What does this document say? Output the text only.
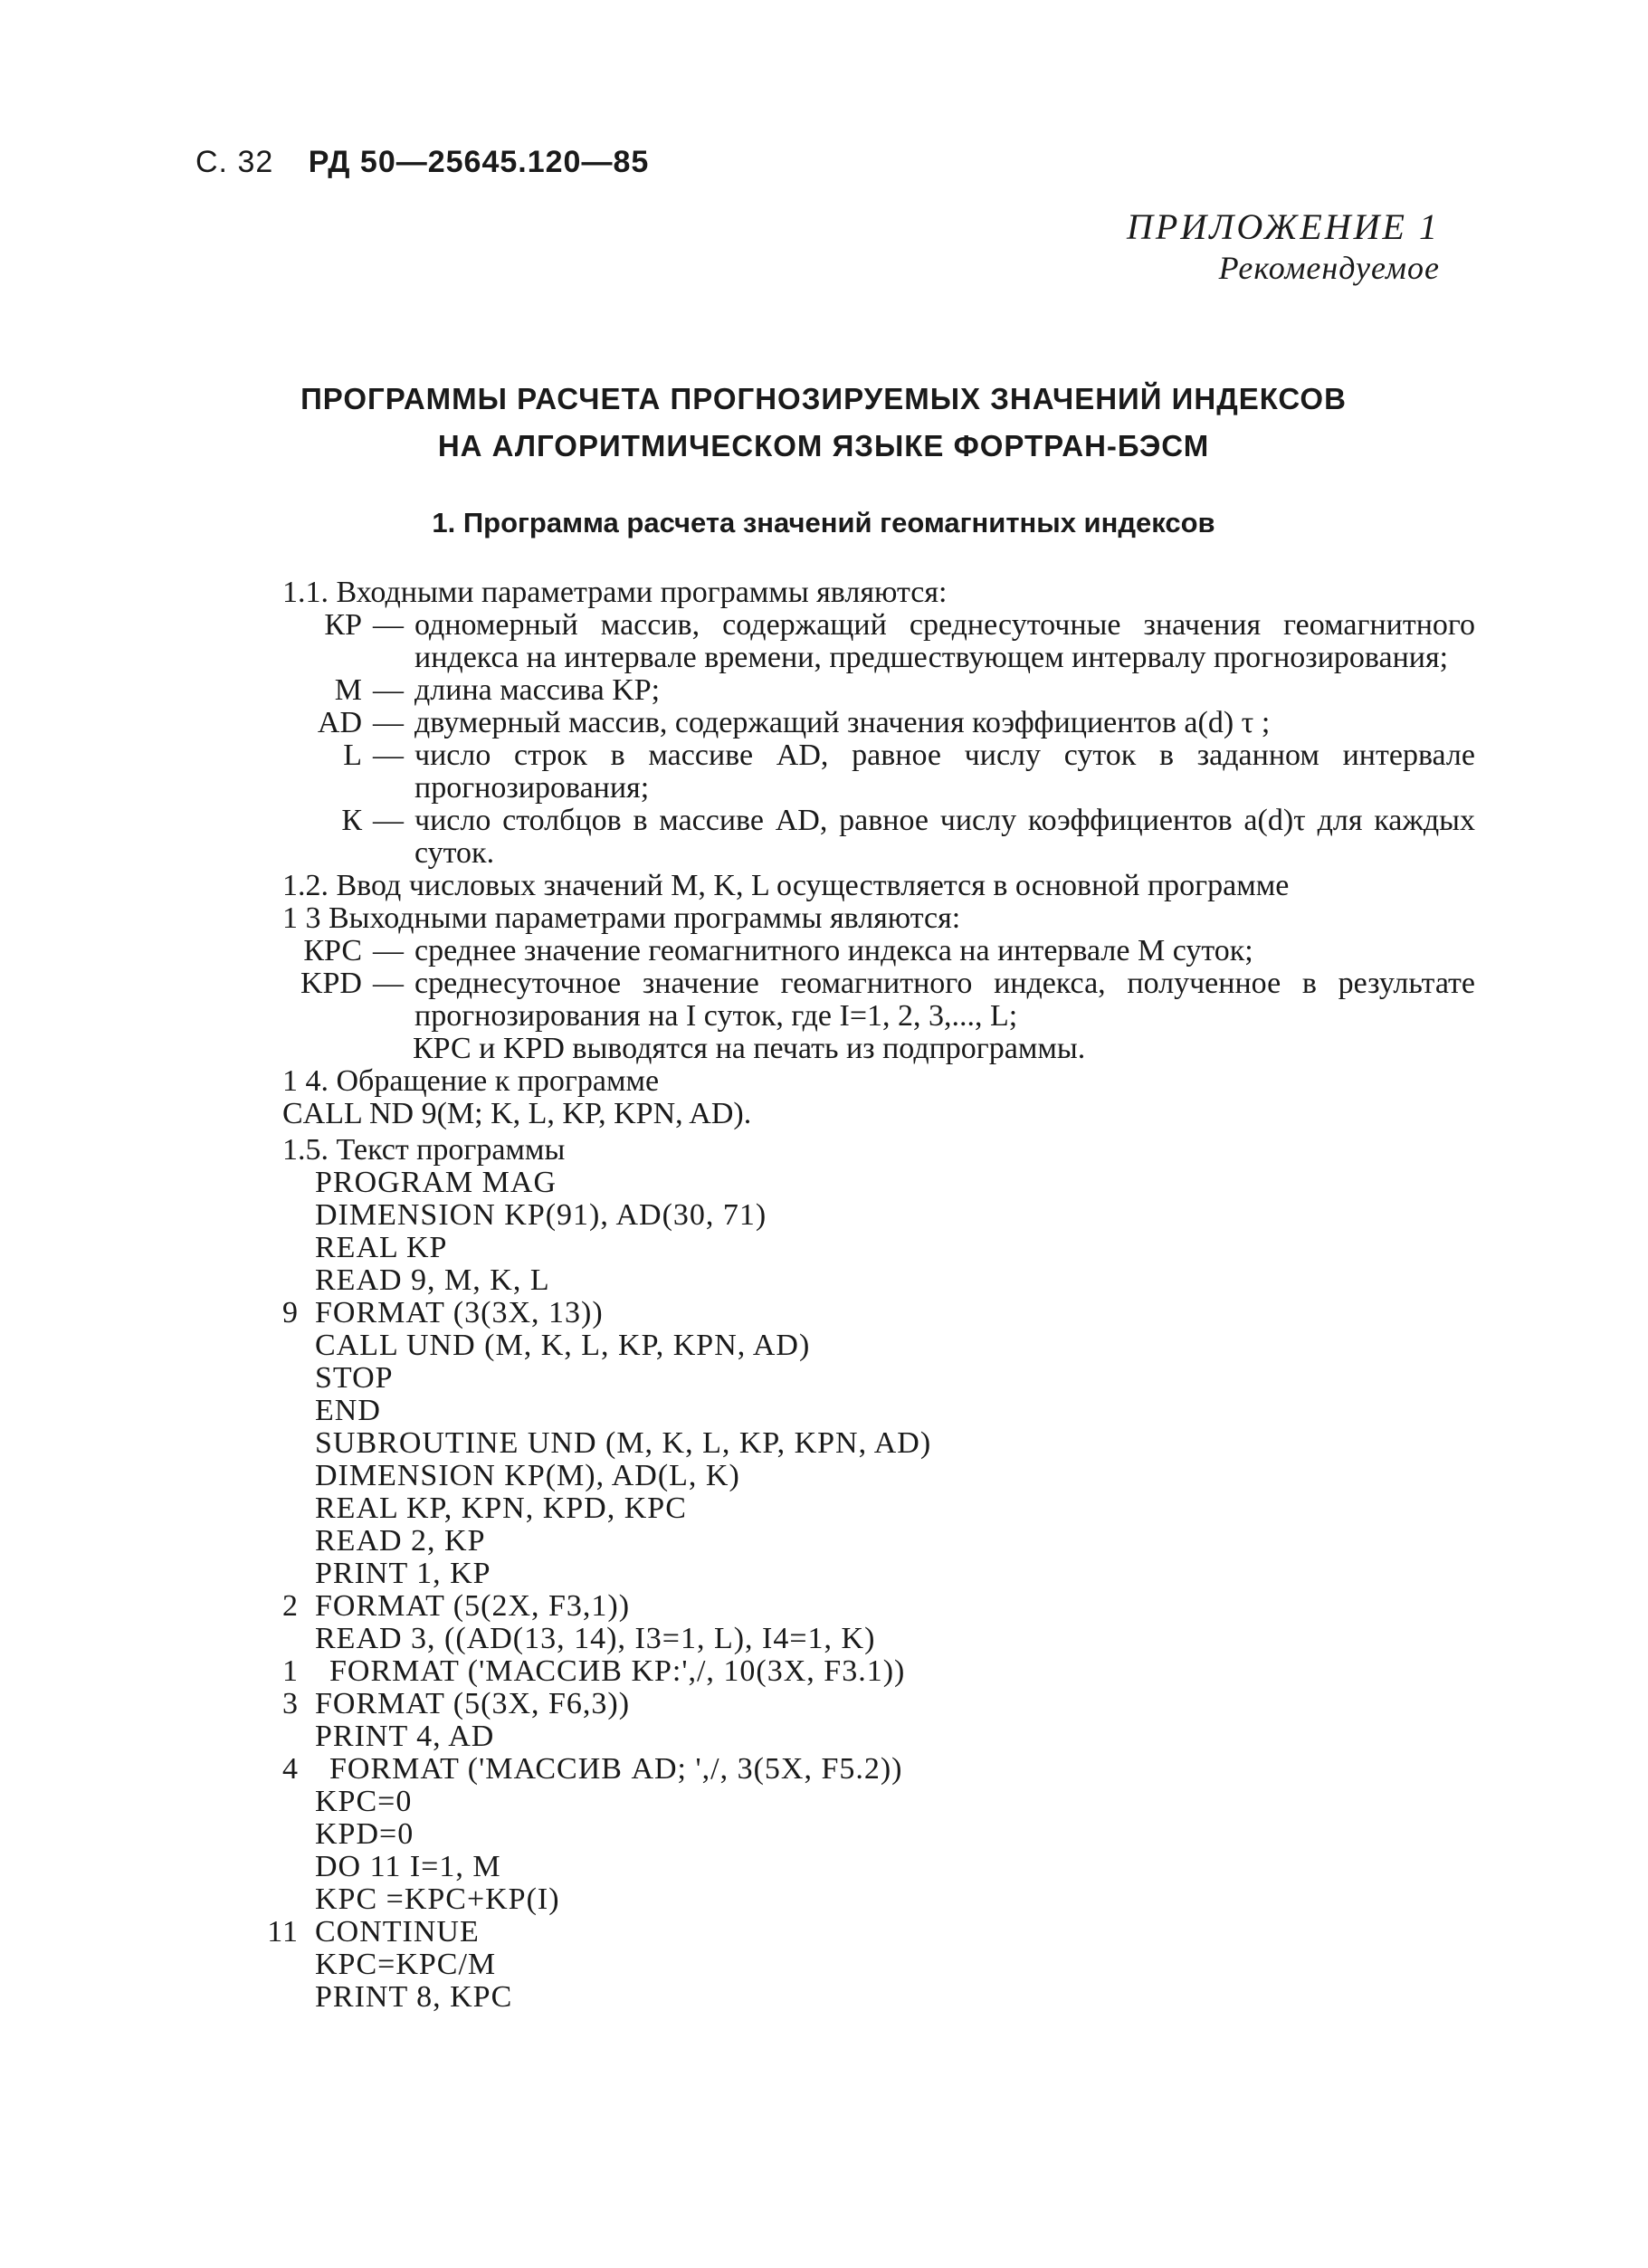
С. 32 РД 50—25645.120—85
ПРИЛОЖЕНИЕ 1
Рекомендуемое
ПРОГРАММЫ РАСЧЕТА ПРОГНОЗИРУЕМЫХ ЗНАЧЕНИЙ ИНДЕКСОВ
НА АЛГОРИТМИЧЕСКОМ ЯЗЫКЕ ФОРТРАН-БЭСМ
1. Программа расчета значений геомагнитных индексов

1.1. Входными параметрами программы являются:

КР — одномерный массив, содержащий среднесуточные значения геомагнитного индекса на интервале времени, предшествующем интервалу прогнозирования;
M — длина массива KP;
AD — двумерный массив, содержащий значения коэффициентов a(d) τ ;
L — число строк в массиве AD, равное числу суток в заданном интервале прогнозирования;
К — число столбцов в массиве AD, равное числу коэффициентов a(d)τ для каждых суток.

1.2. Ввод числовых значений M, K, L осуществляется в основной программе

1 3 Выходными параметрами программы являются:

КРС — среднее значение геомагнитного индекса на интервале M суток;
KPD — среднесуточное значение геомагнитного индекса, полученное в результате прогнозирования на I суток, где I=1, 2, 3,..., L;

КРС и KPD выводятся на печать из подпрограммы.

1 4. Обращение к программе

CALL ND 9(M; K, L, KP, KPN, AD).

1.5. Текст программы

PROGRAM MAG
DIMENSION KP(91), AD(30, 71)
REAL KP
READ 9, M, K, L
9 FORMAT (3(3X, 13))
CALL UND (M, K, L, KP, KPN, AD)
STOP
END
SUBROUTINE UND (M, K, L, KP, KPN, AD)
DIMENSION KP(M), AD(L, K)
REAL KP, KPN, KPD, KPC
READ 2, KP
PRINT 1, KP
2 FORMAT (5(2X, F3,1))
READ 3, ((AD(13, 14), I3=1, L), I4=1, K)
1	FORMAT ('МАССИВ KP:',/, 10(3X, F3.1))
3 FORMAT (5(3X, F6,3))
PRINT 4, AD
4	FORMAT ('МАССИВ AD; ',/, 3(5X, F5.2))
KPC=0
KPD=0
DO 11 I=1, M
KPC =KPC+KP(I)
11 CONTINUE
KPC=KPC/M
PRINT 8, KPC
